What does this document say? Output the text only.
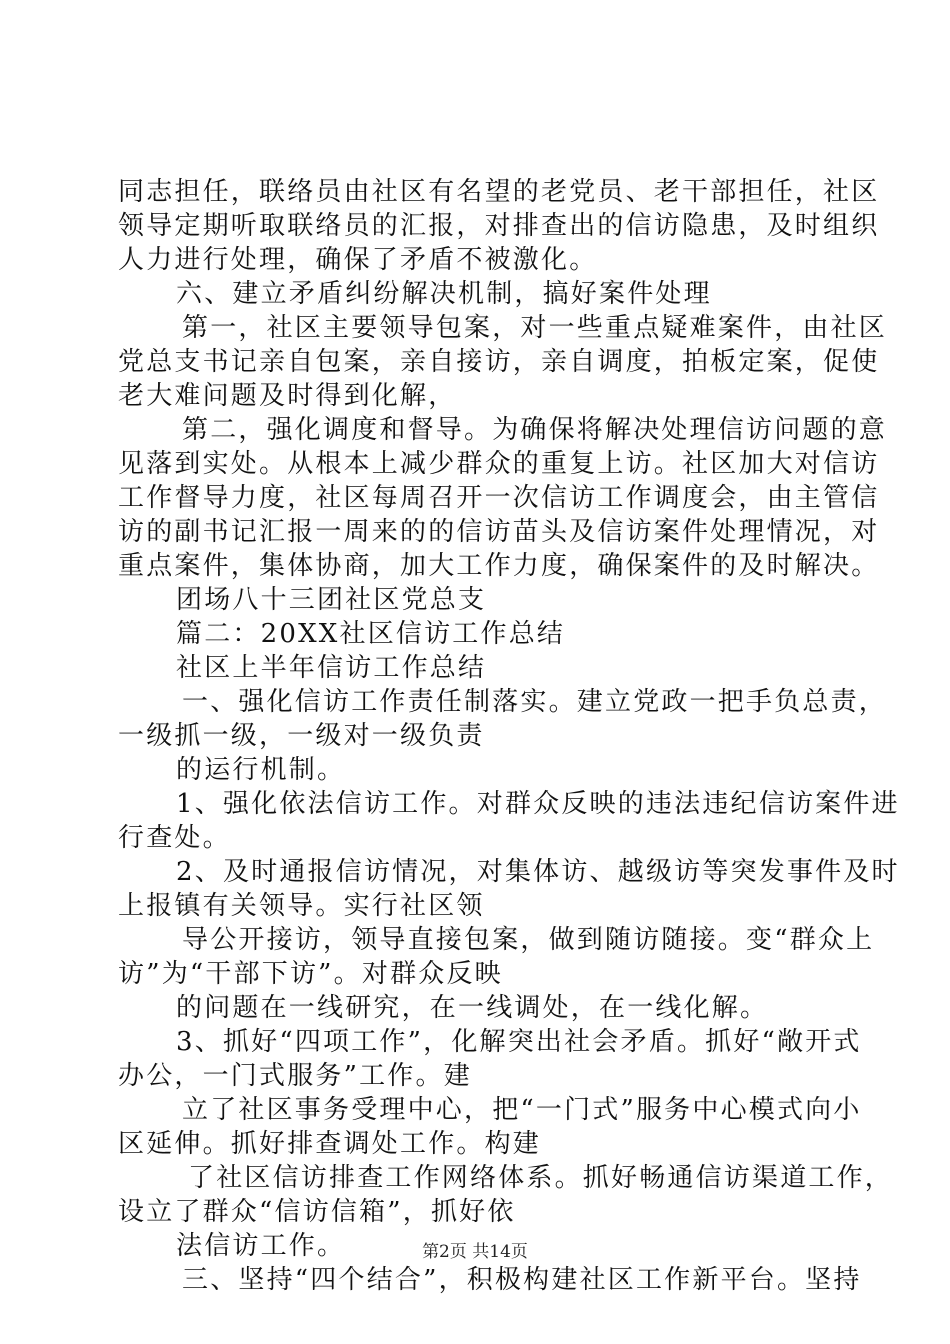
同志担任，联络员由社区有名望的老党员、老干部担任，社区

领导定期听取联络员的汇报，对排查出的信访隐患，及时组织

人力进行处理，确保了矛盾不被激化。

六、建立矛盾纠纷解决机制，搞好案件处理

第一，社区主要领导包案，对一些重点疑难案件，由社区

党总支书记亲自包案，亲自接访，亲自调度，拍板定案，促使

老大难问题及时得到化解，

第二，强化调度和督导。为确保将解决处理信访问题的意

见落到实处。从根本上减少群众的重复上访。社区加大对信访

工作督导力度，社区每周召开一次信访工作调度会，由主管信

访的副书记汇报一周来的的信访苗头及信访案件处理情况，对

重点案件，集体协商，加大工作力度，确保案件的及时解决。

团场八十三团社区党总支

篇二：20XX社区信访工作总结

社区上半年信访工作总结

一、强化信访工作责任制落实。建立党政一把手负总责，

一级抓一级，一级对一级负责

的运行机制。

1、强化依法信访工作。对群众反映的违法违纪信访案件进

行查处。

2、及时通报信访情况，对集体访、越级访等突发事件及时

上报镇有关领导。实行社区领

导公开接访，领导直接包案，做到随访随接。变“群众上

访”为“干部下访”。对群众反映

的问题在一线研究，在一线调处，在一线化解。

3、抓好“四项工作”，化解突出社会矛盾。抓好“敞开式

办公，一门式服务”工作。建

立了社区事务受理中心，把“一门式”服务中心模式向小

区延伸。抓好排查调处工作。构建

了社区信访排查工作网络体系。抓好畅通信访渠道工作，

设立了群众“信访信箱”，抓好依

法信访工作。

三、坚持“四个结合”，积极构建社区工作新平台。坚持

第2页 共14页
